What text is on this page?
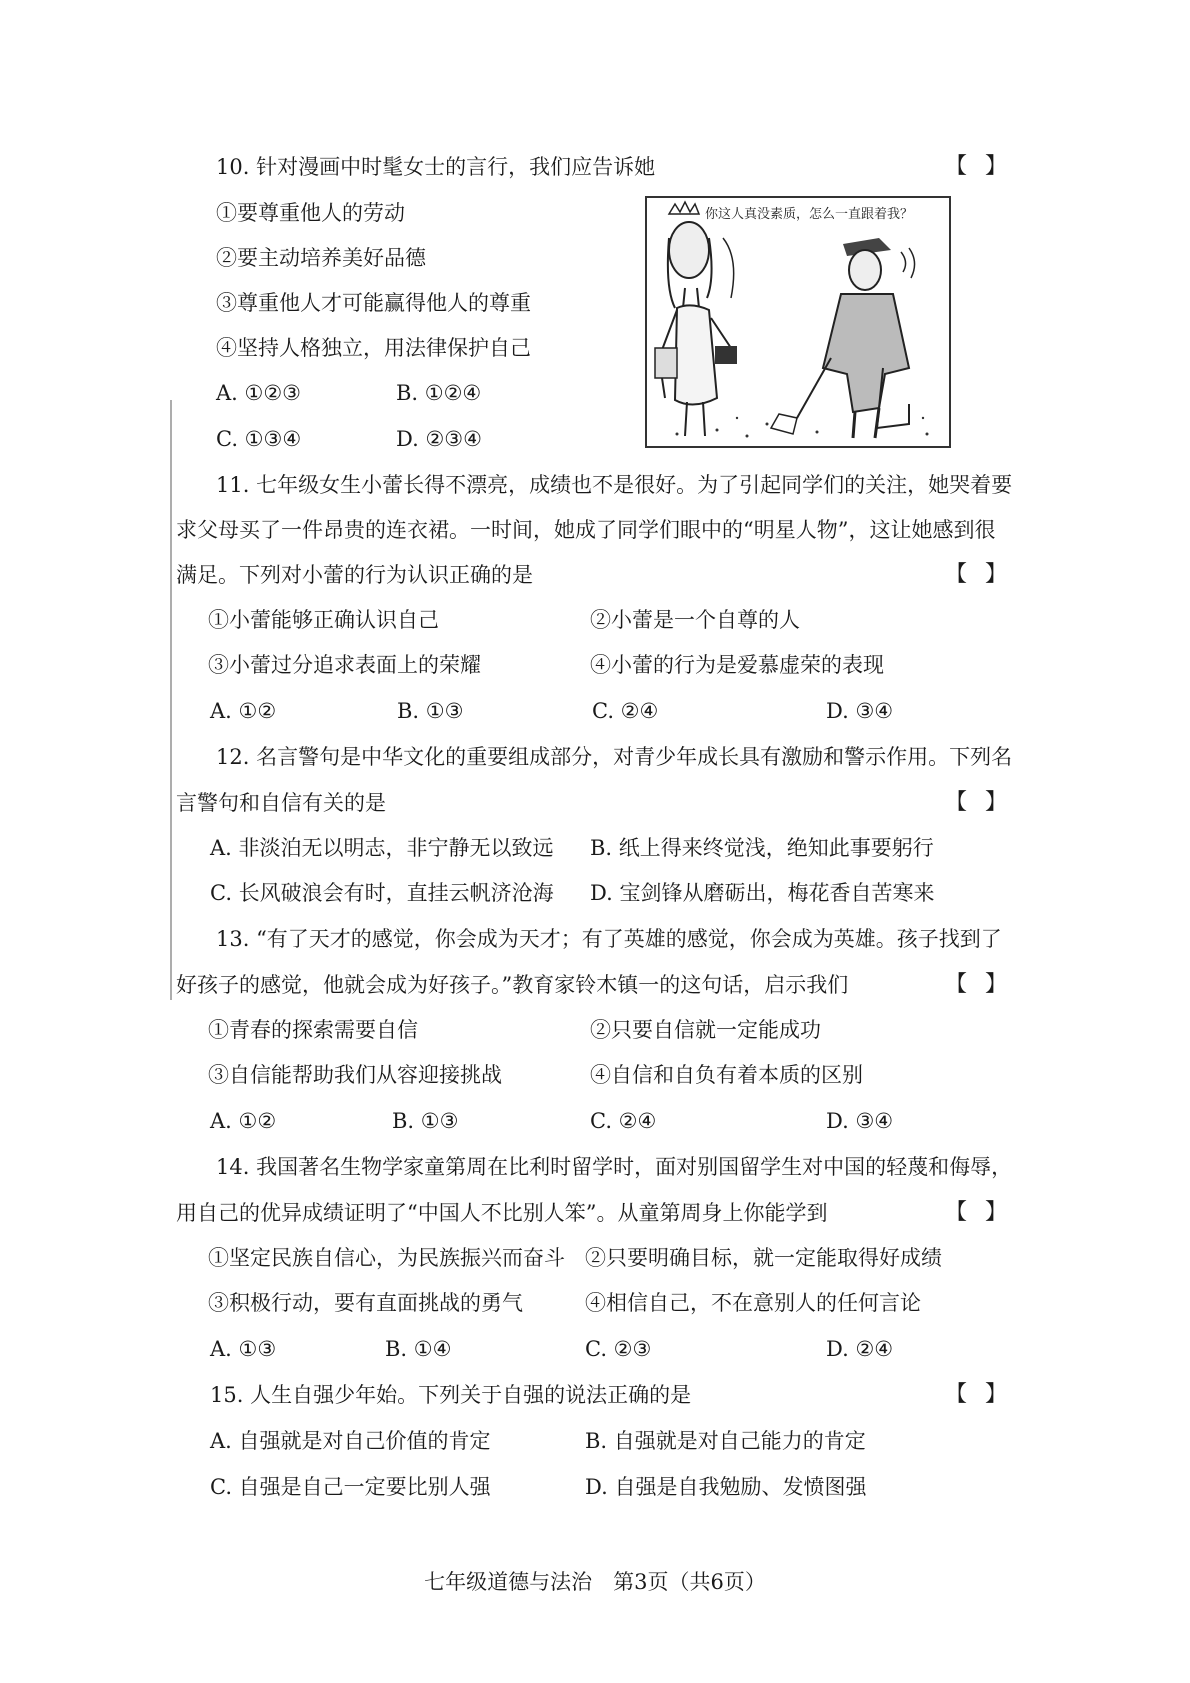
10. 针对漫画中时髦女士的言行，我们应告诉她	【】
①要尊重他人的劳动
②要主动培养美好品德
③尊重他人才可能赢得他人的尊重
④坚持人格独立，用法律保护自己
A. ①②③	B. ①②④
C. ①③④	D. ②③④
你这人真没素质，怎么一直跟着我？
11. 七年级女生小蕾长得不漂亮，成绩也不是很好。为了引起同学们的关注，她哭着要
求父母买了一件昂贵的连衣裙。一时间，她成了同学们眼中的“明星人物”，这让她感到很
满足。下列对小蕾的行为认识正确的是	【】
①小蕾能够正确认识自己	②小蕾是一个自尊的人
③小蕾过分追求表面上的荣耀	④小蕾的行为是爱慕虚荣的表现
A. ①②	B. ①③	C. ②④	D. ③④
12. 名言警句是中华文化的重要组成部分，对青少年成长具有激励和警示作用。下列名
言警句和自信有关的是	【】
A. 非淡泊无以明志，非宁静无以致远 B. 纸上得来终觉浅，绝知此事要躬行
C. 长风破浪会有时，直挂云帆济沧海 D. 宝剑锋从磨砺出，梅花香自苦寒来
13. “有了天才的感觉，你会成为天才；有了英雄的感觉，你会成为英雄。孩子找到了
好孩子的感觉，他就会成为好孩子。”教育家铃木镇一的这句话，启示我们	【】
①青春的探索需要自信	②只要自信就一定能成功
③自信能帮助我们从容迎接挑战	④自信和自负有着本质的区别
A. ①②	B. ①③	C. ②④	D. ③④
14. 我国著名生物学家童第周在比利时留学时，面对别国留学生对中国的轻蔑和侮辱，
用自己的优异成绩证明了“中国人不比别人笨”。从童第周身上你能学到	【】
①坚定民族自信心，为民族振兴而奋斗 ②只要明确目标，就一定能取得好成绩
③积极行动，要有直面挑战的勇气	④相信自己，不在意别人的任何言论
A. ①③	B. ①④	C. ②③	D. ②④
15. 人生自强少年始。下列关于自强的说法正确的是	【】
A. 自强就是对自己价值的肯定	B. 自强就是对自己能力的肯定
C. 自强是自己一定要比别人强	D. 自强是自我勉励、发愤图强
七年级道德与法治　第3页（共6页）
